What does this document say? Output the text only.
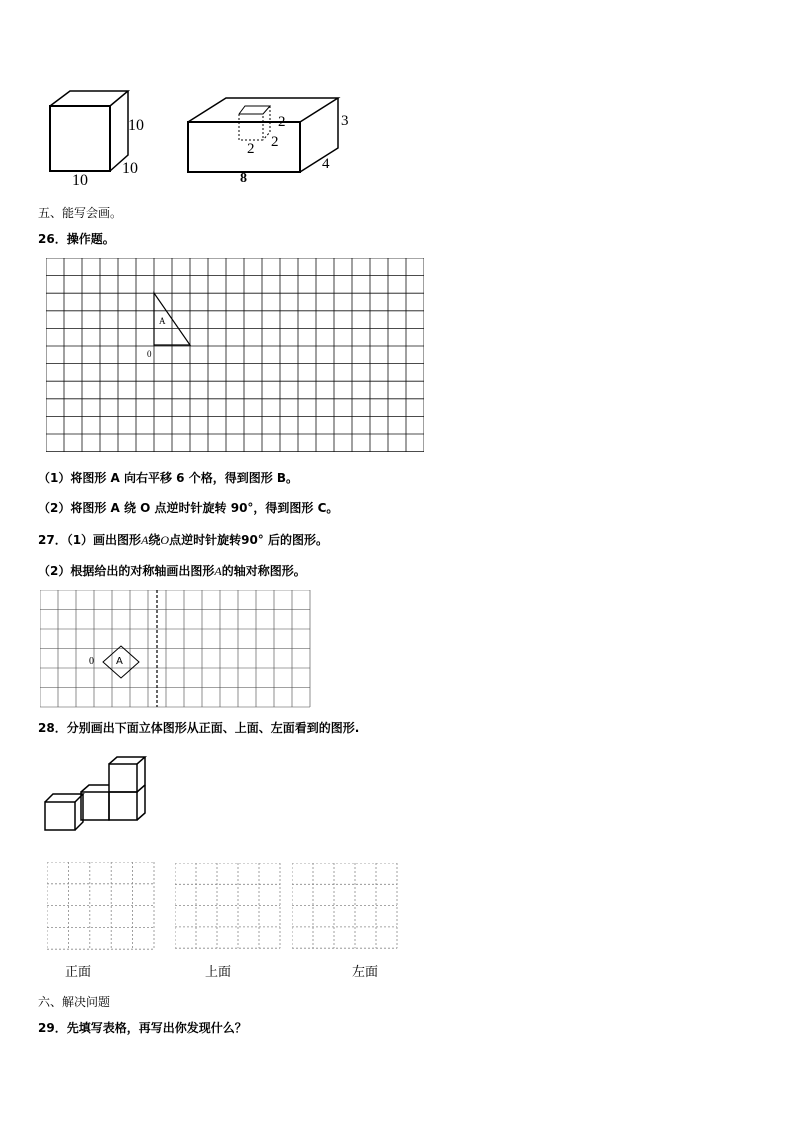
10
10
10
3
4
8
2
2
2
五、能写会画。
26．操作题。
A
0
（1）将图形 A 向右平移 6 个格，得到图形 B。
（2）将图形 A 绕 O 点逆时针旋转 90°，得到图形 C。
27．（1）画出图形A绕O点逆时针旋转90° 后的图形。
（2）根据给出的对称轴画出图形A的轴对称图形。
A
0
28．分别画出下面立体图形从正面、上面、左面看到的图形.
正面	上面	左面
六、解决问题
29．先填写表格，再写出你发现什么？
